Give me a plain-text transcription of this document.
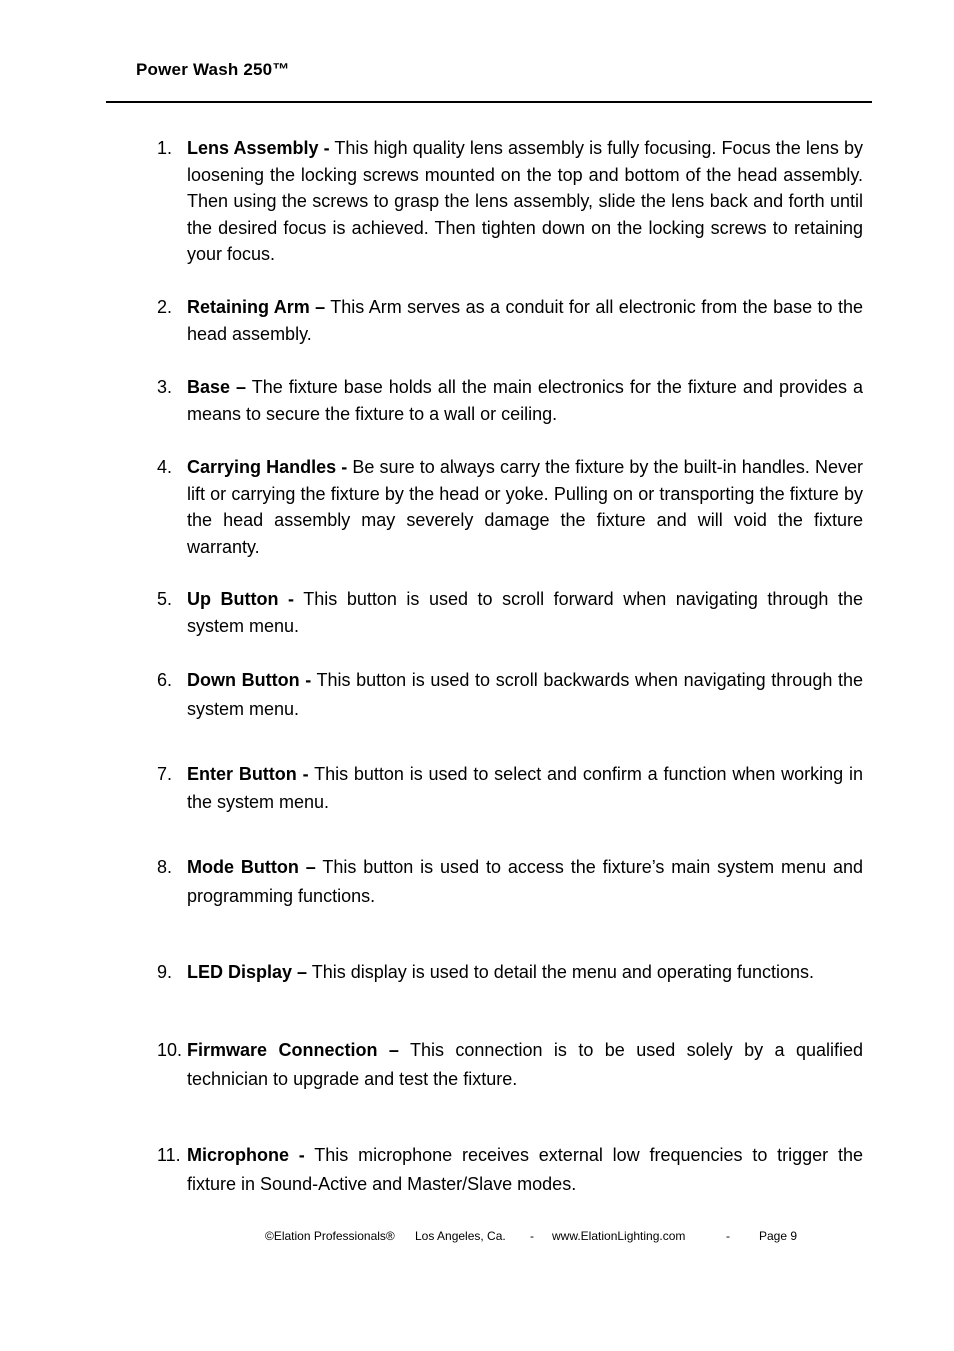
Power Wash 250™
1. Lens Assembly - This high quality lens assembly is fully focusing. Focus the lens by loosening the locking screws mounted on the top and bottom of the head assembly. Then using the screws to grasp the lens assembly, slide the lens back and forth until the desired focus is achieved. Then tighten down on the locking screws to retaining your focus.
2. Retaining Arm – This Arm serves as a conduit for all electronic from the base to the head assembly.
3. Base – The fixture base holds all the main electronics for the fixture and provides a means to secure the fixture to a wall or ceiling.
4. Carrying Handles - Be sure to always carry the fixture by the built-in handles. Never lift or carrying the fixture by the head or yoke. Pulling on or transporting the fixture by the head assembly may severely damage the fixture and will void the fixture warranty.
5. Up Button - This button is used to scroll forward when navigating through the system menu.
6. Down Button - This button is used to scroll backwards when navigating through the system menu.
7. Enter Button - This button is used to select and confirm a function when working in the system menu.
8. Mode Button – This button is used to access the fixture’s main system menu and programming functions.
9. LED Display – This display is used to detail the menu and operating functions.
10. Firmware Connection – This connection is to be used solely by a qualified technician to upgrade and test the fixture.
11. Microphone - This microphone receives external low frequencies to trigger the fixture in Sound-Active and Master/Slave modes.

©Elation Professionals®

Los Angeles, Ca.

-

www.ElationLighting.com

	-

Page 9
